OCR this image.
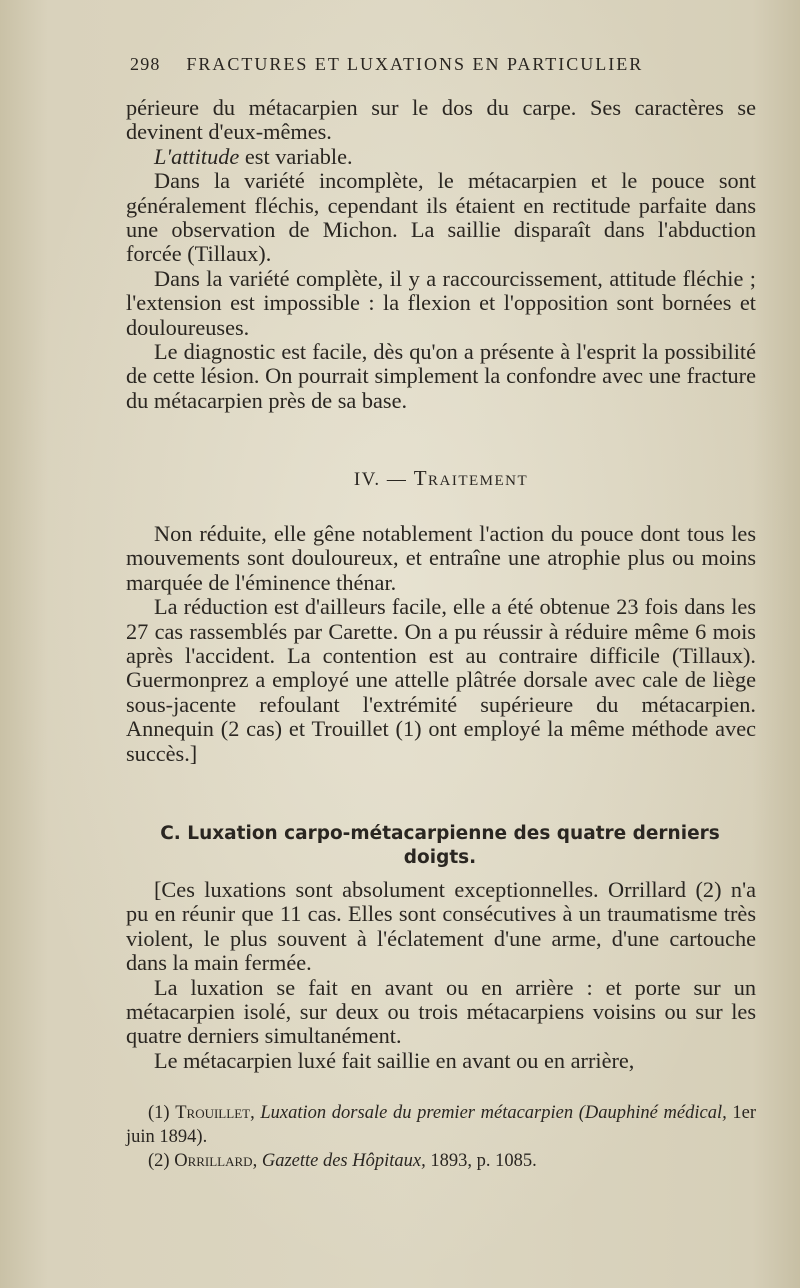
298 FRACTURES ET LUXATIONS EN PARTICULIER

périeure du métacarpien sur le dos du carpe. Ses caractères se devinent d'eux-mêmes.

L'attitude est variable.

Dans la variété incomplète, le métacarpien et le pouce sont généralement fléchis, cependant ils étaient en rectitude parfaite dans une observation de Michon. La saillie disparaît dans l'abduction forcée (Tillaux).

Dans la variété complète, il y a raccourcissement, attitude fléchie ; l'extension est impossible : la flexion et l'opposition sont bornées et douloureuses.

Le diagnostic est facile, dès qu'on a présente à l'esprit la possibilité de cette lésion. On pourrait simplement la confondre avec une fracture du métacarpien près de sa base.

IV. — Traitement

Non réduite, elle gêne notablement l'action du pouce dont tous les mouvements sont douloureux, et entraîne une atrophie plus ou moins marquée de l'éminence thénar.

La réduction est d'ailleurs facile, elle a été obtenue 23 fois dans les 27 cas rassemblés par Carette. On a pu réussir à réduire même 6 mois après l'accident. La contention est au contraire difficile (Tillaux). Guermonprez a employé une attelle plâtrée dorsale avec cale de liège sous-jacente refoulant l'extrémité supérieure du métacarpien. Annequin (2 cas) et Trouillet (1) ont employé la même méthode avec succès.]

C. Luxation carpo-métacarpienne des quatre derniers doigts.

[Ces luxations sont absolument exceptionnelles. Orrillard (2) n'a pu en réunir que 11 cas. Elles sont consécutives à un traumatisme très violent, le plus souvent à l'éclatement d'une arme, d'une cartouche dans la main fermée.

La luxation se fait en avant ou en arrière : et porte sur un métacarpien isolé, sur deux ou trois métacarpiens voisins ou sur les quatre derniers simultanément.

Le métacarpien luxé fait saillie en avant ou en arrière,

(1) Trouillet, Luxation dorsale du premier métacarpien (Dauphiné médical, 1er juin 1894).

(2) Orrillard, Gazette des Hôpitaux, 1893, p. 1085.
